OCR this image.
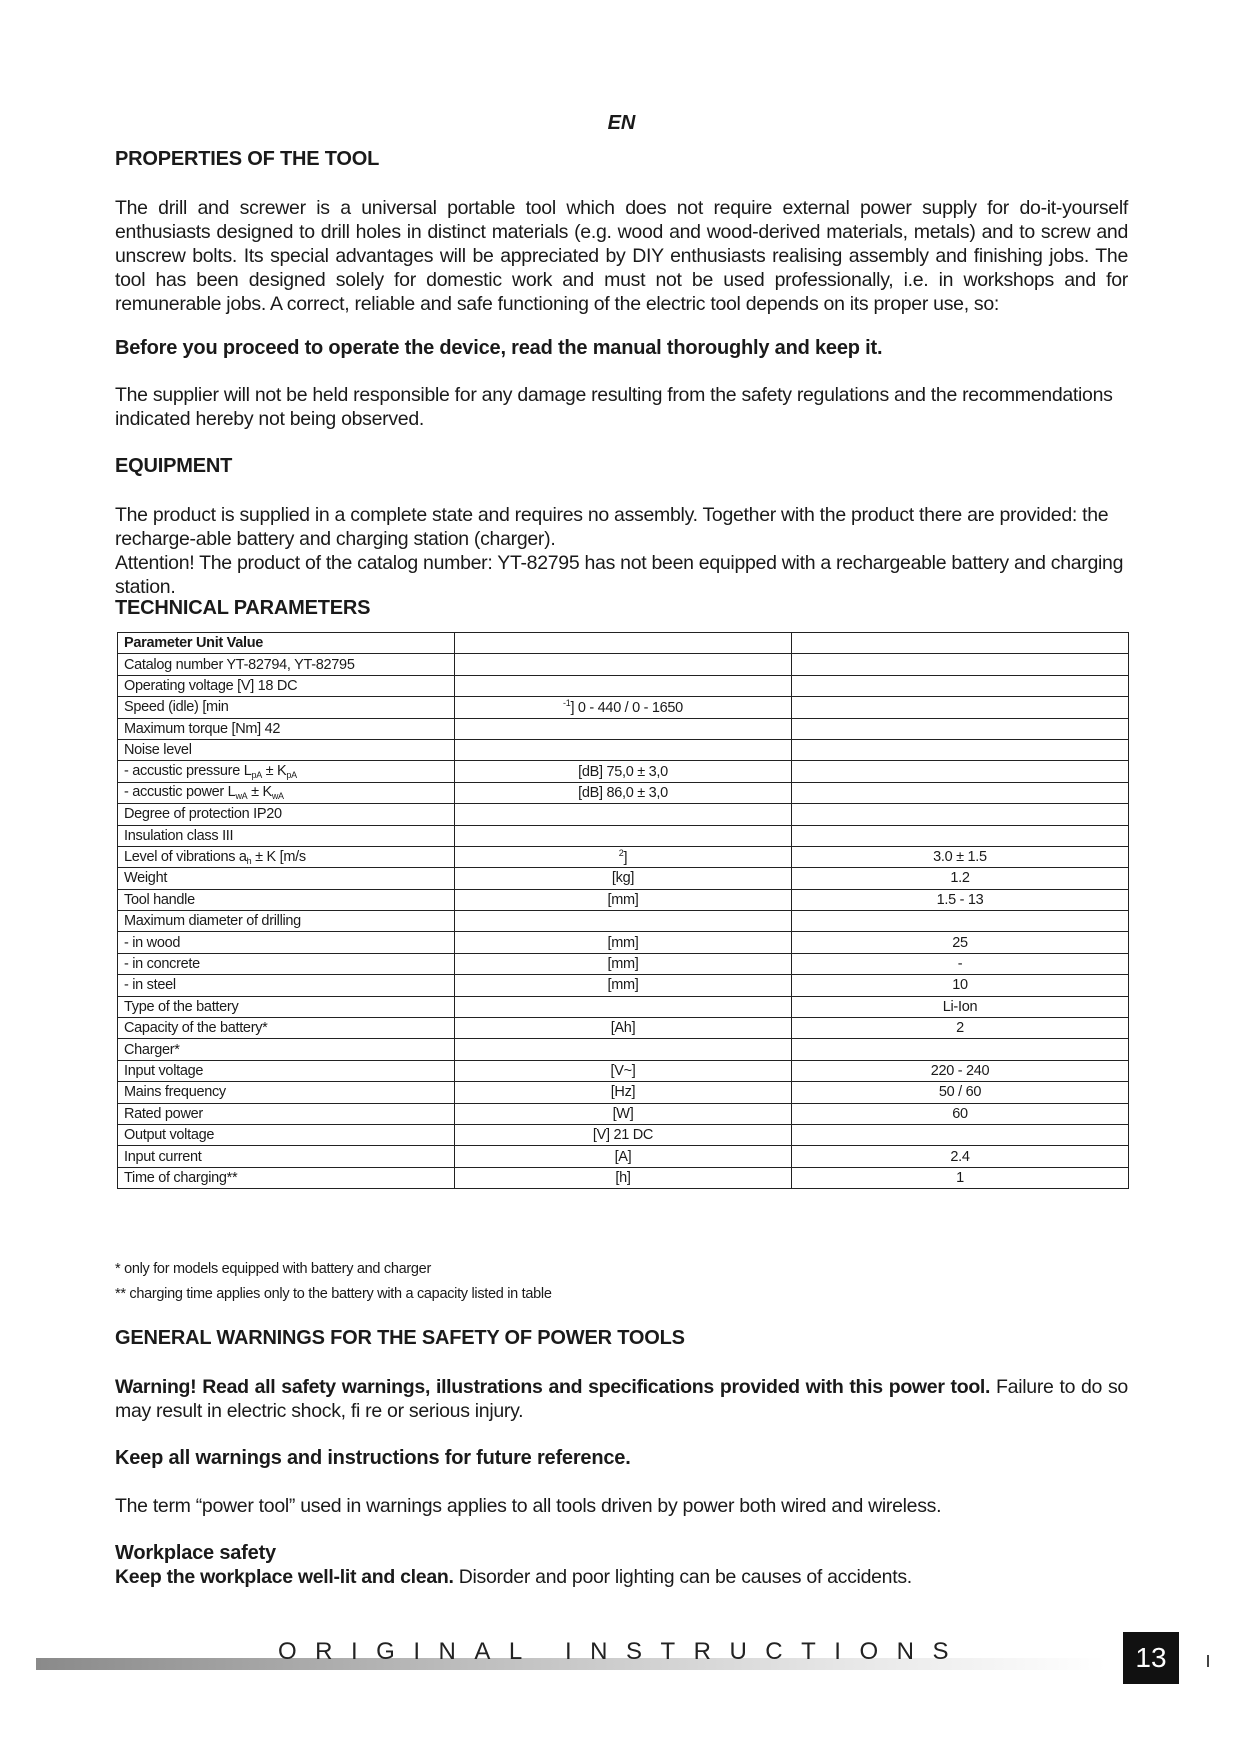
EN
PROPERTIES OF THE TOOL
The drill and screwer is a universal portable tool which does not require external power supply for do-it-yourself enthusiasts designed to drill holes in distinct materials (e.g. wood and wood-derived materials, metals) and to screw and unscrew bolts. Its special advantages will be appreciated by DIY enthusiasts realising assembly and finishing jobs. The tool has been designed solely for domestic work and must not be used professionally, i.e. in workshops and for remunerable jobs. A correct, reliable and safe functioning of the electric tool depends on its proper use, so:
Before you proceed to operate the device, read the manual thoroughly and keep it.
The supplier will not be held responsible for any damage resulting from the safety regulations and the recommendations indicated hereby not being observed.
EQUIPMENT
The product is supplied in a complete state and requires no assembly. Together with the product there are provided: the recharge-able battery and charging station (charger).
Attention! The product of the catalog number: YT-82795 has not been equipped with a rechargeable battery and charging station.
TECHNICAL PARAMETERS
Parameter Unit Value		
Catalog number YT-82794, YT-82795		
Operating voltage [V] 18 DC		
Speed (idle) [min	$^{-1}$] 0 - 440 / 0 - 1650	
Maximum torque [Nm] 42		
Noise level		
- accustic pressure $L_{pA} \pm K_{pA}$	[dB] 75,0 ± 3,0	
- accustic power $L_{wA} \pm K_{wA}$	[dB] 86,0 ± 3,0	
Degree of protection IP20		
Insulation class III		
Level of vibrations $a_h \pm K$ [m/s	$^2$]	3.0 ± 1.5
Weight	[kg]	1.2
Tool handle	[mm]	1.5 - 13
Maximum diameter of drilling		
- in wood	[mm]	25
- in concrete	[mm]	-
- in steel	[mm]	10
Type of the battery		Li-Ion
Capacity of the battery*	[Ah]	2
Charger*		
Input voltage	[V~]	220 - 240
Mains frequency	[Hz]	50 / 60
Rated power	[W]	60
Output voltage	[V] 21 DC	
Input current	[A]	2.4
Time of charging**	[h]	1
* only for models equipped with battery and charger
** charging time applies only to the battery with a capacity listed in table
GENERAL WARNINGS FOR THE SAFETY OF POWER TOOLS
Warning! Read all safety warnings, illustrations and specifications provided with this power tool. Failure to do so may result in electric shock, fi re or serious injury.
Keep all warnings and instructions for future reference.
The term “power tool” used in warnings applies to all tools driven by power both wired and wireless.
Workplace safety
Keep the workplace well-lit and clean. Disorder and poor lighting can be causes of accidents.
ORIGINAL INSTRUCTIONS	13
